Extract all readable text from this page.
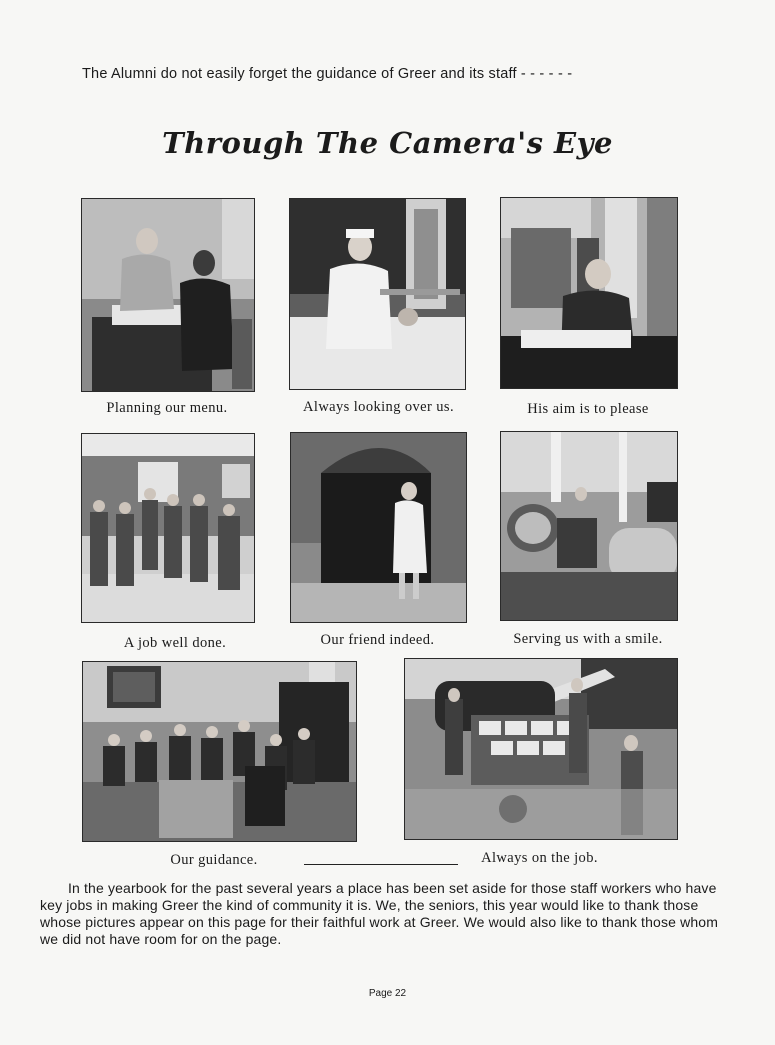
The Alumni do not easily forget the guidance of Greer and its staff - - - - - -
Through The Camera's Eye
Planning our menu.	Always looking over us.	His aim is to please
A job well done.	Our friend indeed.	Serving us with a smile.
Our guidance.	Always on the job.

In the yearbook for the past several years a place has been set aside for those staff workers who have key jobs in making Greer the kind of community it is. We, the seniors, this year would like to thank those whose pictures appear on this page for their faithful work at Greer. We would also like to thank those whom we did not have room for on the page.

Page 22
